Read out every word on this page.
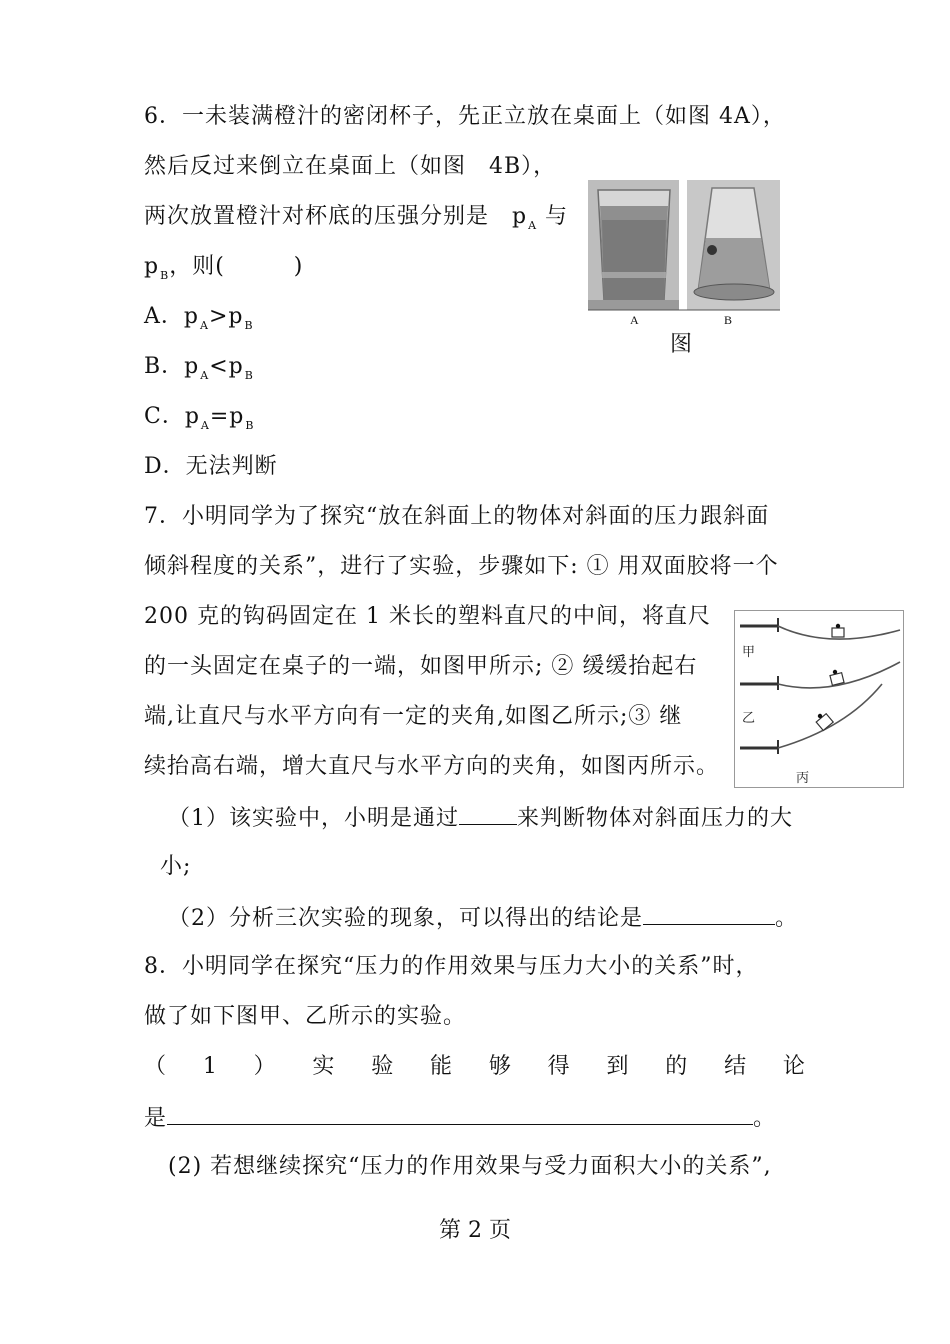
6．一未装满橙汁的密闭杯子，先正立放在桌面上（如图 4A），
然后反过来倒立在桌面上（如图　4B），
两次放置橙汁对杯底的压强分别是　$p_A$ 与
$p_B$，则(　　　)
A．$p_A>p_B$
B．$p_A<p_B$
C．$p_A=p_B$
D．无法判断
A	B
图
7．小明同学为了探究“放在斜面上的物体对斜面的压力跟斜面
倾斜程度的关系”，进行了实验，步骤如下: ① 用双面胶将一个
200 克的钩码固定在 1 米长的塑料直尺的中间，将直尺
的一头固定在桌子的一端，如图甲所示; ② 缓缓抬起右
端,让直尺与水平方向有一定的夹角,如图乙所示;③ 继
续抬高右端，增大直尺与水平方向的夹角，如图丙所示。
甲
乙
丙
（1）该实验中，小明是通过	来判断物体对斜面压力的大
小;
（2）分析三次实验的现象，可以得出的结论是	。
8．小明同学在探究“压力的作用效果与压力大小的关系”时，
做了如下图甲、乙所示的实验。
（ 1 ） 实 验 能 够 得 到 的 结 论
是	。
(2) 若想继续探究“压力的作用效果与受力面积大小的关系”,
第 2 页
